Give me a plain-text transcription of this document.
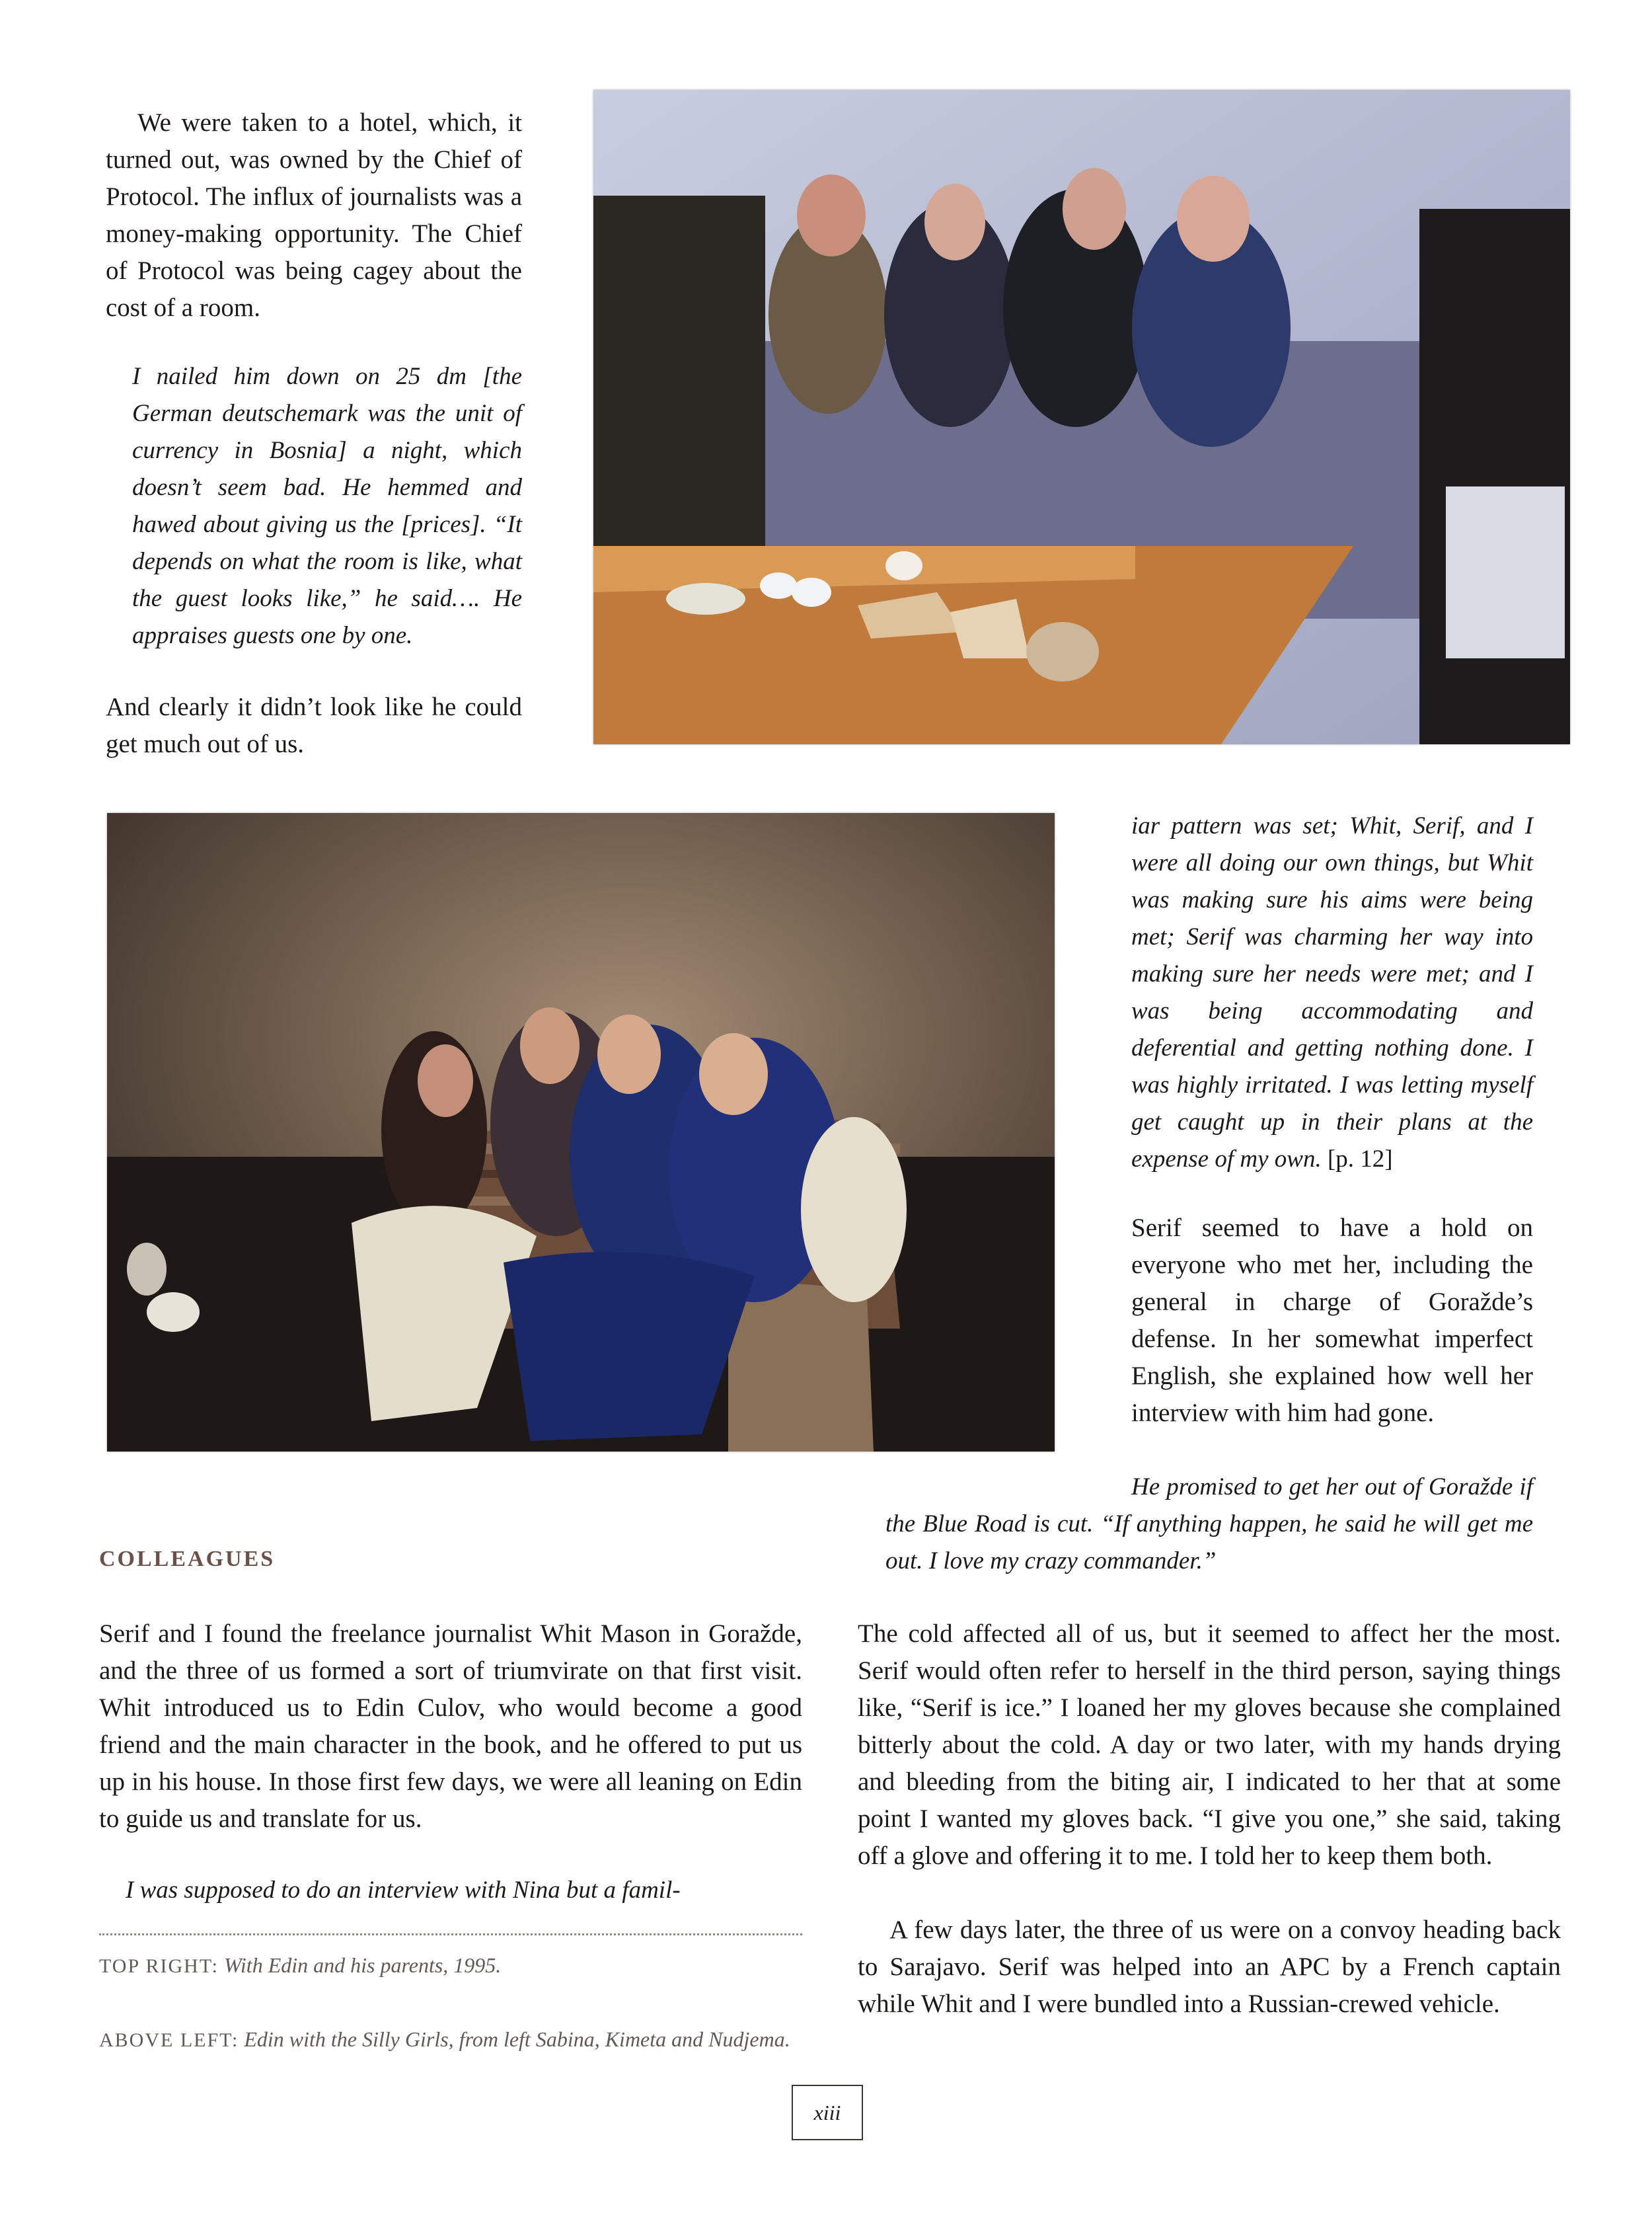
We were taken to a hotel, which, it turned out, was owned by the Chief of Protocol. The influx of journalists was a money-making opportunity. The Chief of Protocol was being cagey about the cost of a room.

I nailed him down on 25 dm [the German deutschemark was the unit of currency in Bosnia] a night, which doesn’t seem bad. He hemmed and hawed about giving us the [prices]. “It depends on what the room is like, what the guest looks like,” he said…. He appraises guests one by one.

And clearly it didn’t look like he could get much out of us.

iar pattern was set; Whit, Serif, and I were all doing our own things, but Whit was making sure his aims were being met; Serif was charming her way into making sure her needs were met; and I was being accommodating and deferential and getting nothing done. I was highly irritated. I was letting myself get caught up in their plans at the expense of my own. [p. 12]

Serif seemed to have a hold on everyone who met her, including the general in charge of Goražde’s defense. In her somewhat imperfect English, she explained how well her interview with him had gone.

He promised to get her out of Goražde if the Blue Road is cut. “If anything happen, he said he will get me out. I love my crazy commander.”

COLLEAGUES

Serif and I found the freelance journalist Whit Mason in Goražde, and the three of us formed a sort of triumvirate on that first visit. Whit introduced us to Edin Culov, who would become a good friend and the main character in the book, and he offered to put us up in his house. In those first few days, we were all leaning on Edin to guide us and translate for us.

I was supposed to do an interview with Nina but a famil-

TOP RIGHT: With Edin and his parents, 1995.

ABOVE LEFT: Edin with the Silly Girls, from left Sabina, Kimeta and Nudjema.

The cold affected all of us, but it seemed to affect her the most. Serif would often refer to herself in the third person, saying things like, “Serif is ice.” I loaned her my gloves because she complained bitterly about the cold. A day or two later, with my hands drying and bleeding from the biting air, I indicated to her that at some point I wanted my gloves back. “I give you one,” she said, taking off a glove and offering it to me. I told her to keep them both.

A few days later, the three of us were on a convoy heading back to Sarajavo. Serif was helped into an APC by a French captain while Whit and I were bundled into a Russian-crewed vehicle.

xiii
